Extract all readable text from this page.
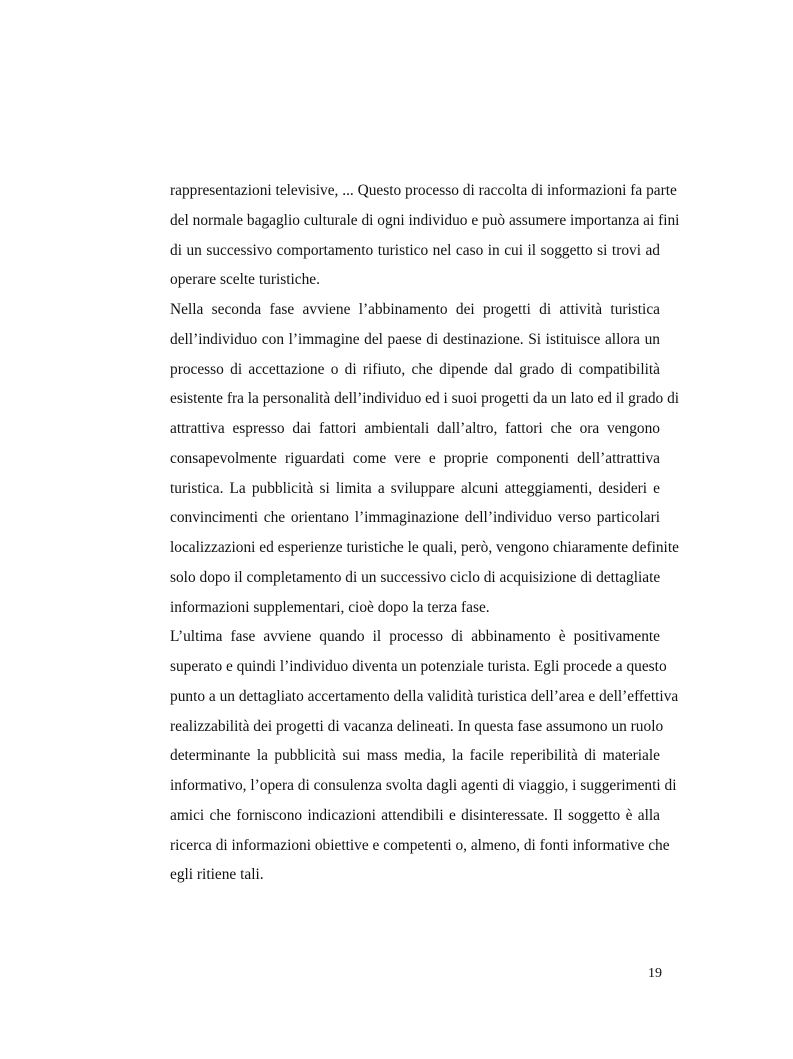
rappresentazioni televisive, ... Questo processo di raccolta di informazioni fa parte
del normale bagaglio culturale di ogni individuo e può assumere importanza ai fini
di un successivo comportamento turistico nel caso in cui il soggetto si trovi ad
operare scelte turistiche.
Nella seconda fase avviene l’abbinamento dei progetti di attività turistica
dell’individuo con l’immagine del paese di destinazione. Si istituisce allora un
processo di accettazione o di rifiuto, che dipende dal grado di compatibilità
esistente fra la personalità dell’individuo ed i suoi progetti da un lato ed il grado di
attrattiva espresso dai fattori ambientali dall’altro, fattori che ora vengono
consapevolmente riguardati come vere e proprie componenti dell’attrattiva
turistica. La pubblicità si limita a sviluppare alcuni atteggiamenti, desideri e
convincimenti che orientano l’immaginazione dell’individuo verso particolari
localizzazioni ed esperienze turistiche le quali, però, vengono chiaramente definite
solo dopo il completamento di un successivo ciclo di acquisizione di dettagliate
informazioni supplementari, cioè dopo la terza fase.
L’ultima fase avviene quando il processo di abbinamento è positivamente
superato e quindi l’individuo diventa un potenziale turista. Egli procede a questo
punto a un dettagliato accertamento della validità turistica dell’area e dell’effettiva
realizzabilità dei progetti di vacanza delineati. In questa fase assumono un ruolo
determinante la pubblicità sui mass media, la facile reperibilità di materiale
informativo, l’opera di consulenza svolta dagli agenti di viaggio, i suggerimenti di
amici che forniscono indicazioni attendibili e disinteressate. Il soggetto è alla
ricerca di informazioni obiettive e competenti o, almeno, di fonti informative che
egli ritiene tali.
19
